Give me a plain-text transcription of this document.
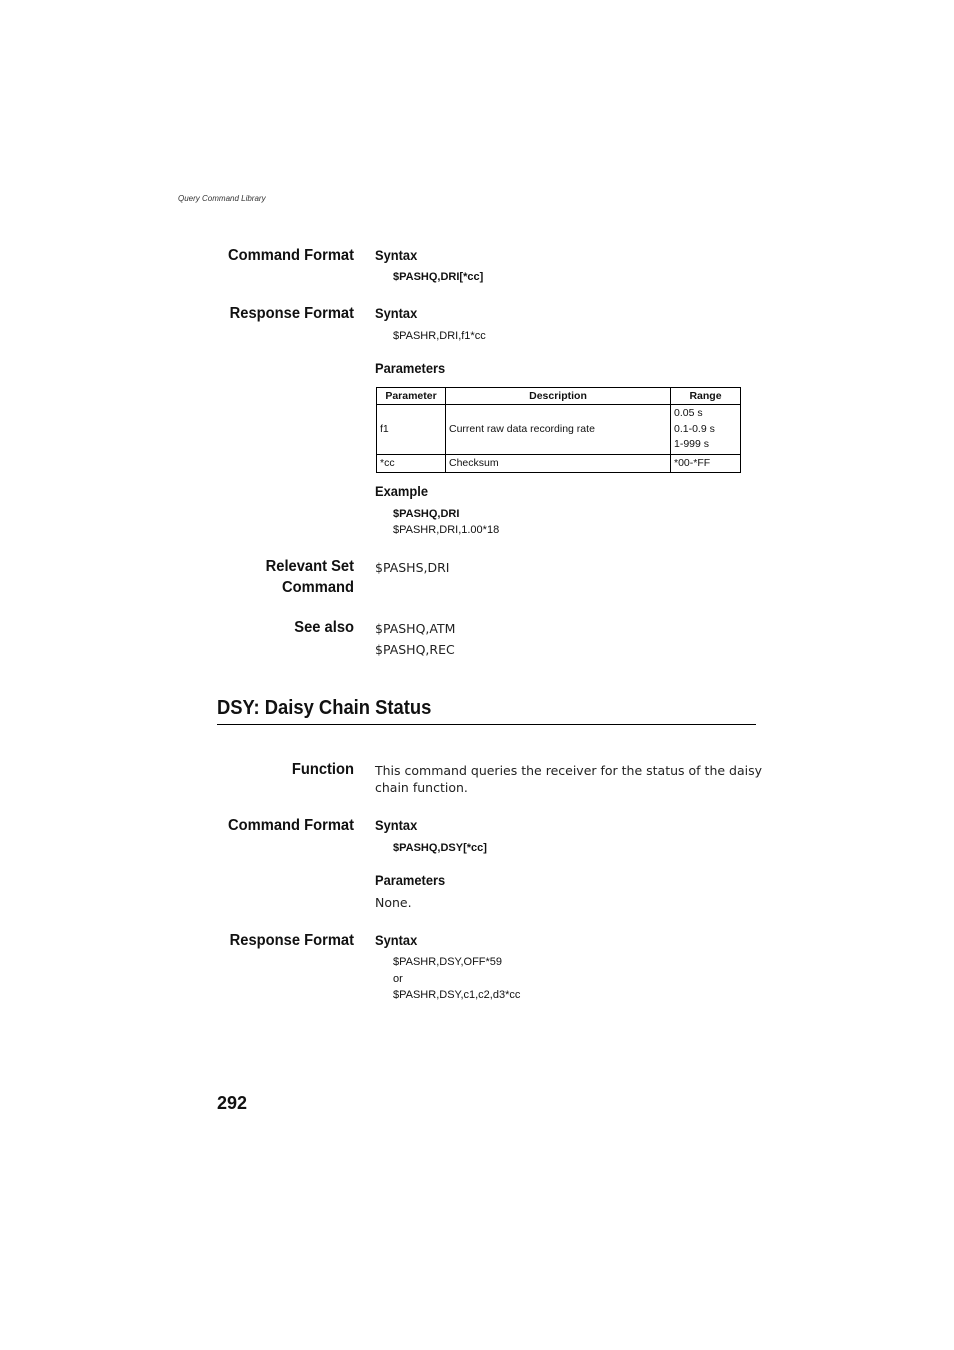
Query Command Library
Command Format Syntax
$PASHQ,DRI[*cc]
Response Format Syntax
$PASHR,DRI,f1*cc
Parameters
Parameter	Description	Range
f1	Current raw data recording rate	0.05 s
0.1-0.9 s
1-999 s

*cc	Checksum	*00-*FF
Example
$PASHQ,DRI
$PASHR,DRI,1.00*18
Relevant Set
Command
$PASHS,DRI
See also $PASHQ,ATM
$PASHQ,REC
DSY: Daisy Chain Status
Function This command queries the receiver for the status of the daisy
chain function.
Command Format Syntax
$PASHQ,DSY[*cc]
Parameters
None.
Response Format Syntax
$PASHR,DSY,OFF*59
or
$PASHR,DSY,c1,c2,d3*cc
292
